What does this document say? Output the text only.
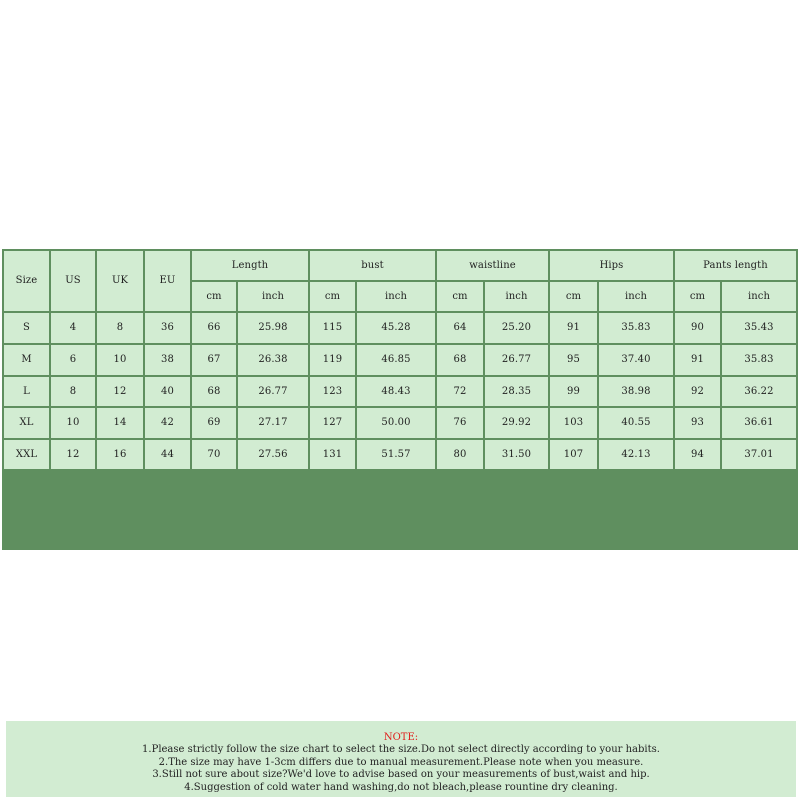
NOTE:
1.Please strictly follow the size chart to select the size.Do not select directly according to your habits.
2.The size may have 1-3cm differs due to manual measurement.Please note when you measure.
3.Still not sure about size?We'd love to advise based on your measurements of bust,waist and hip.
4.Suggestion of cold water hand washing,do not bleach,please rountine dry cleaning.
Size	US	UK	EU
Length
cm	inch
bust
cm	inch
waistline
cm	inch
Hips
cm	inch
Pants length
cm	inch
S	4	8	36	66	25.98	115	45.28	64	25.20	91	35.83	90	35.43
M	6	10	38	67	26.38	119	46.85	68	26.77	95	37.40	91	35.83
L	8	12	40	68	26.77	123	48.43	72	28.35	99	38.98	92	36.22
XL	10	14	42	69	27.17	127	50.00	76	29.92	103	40.55	93	36.61
XXL	12	16	44	70	27.56	131	51.57	80	31.50	107	42.13	94	37.01
